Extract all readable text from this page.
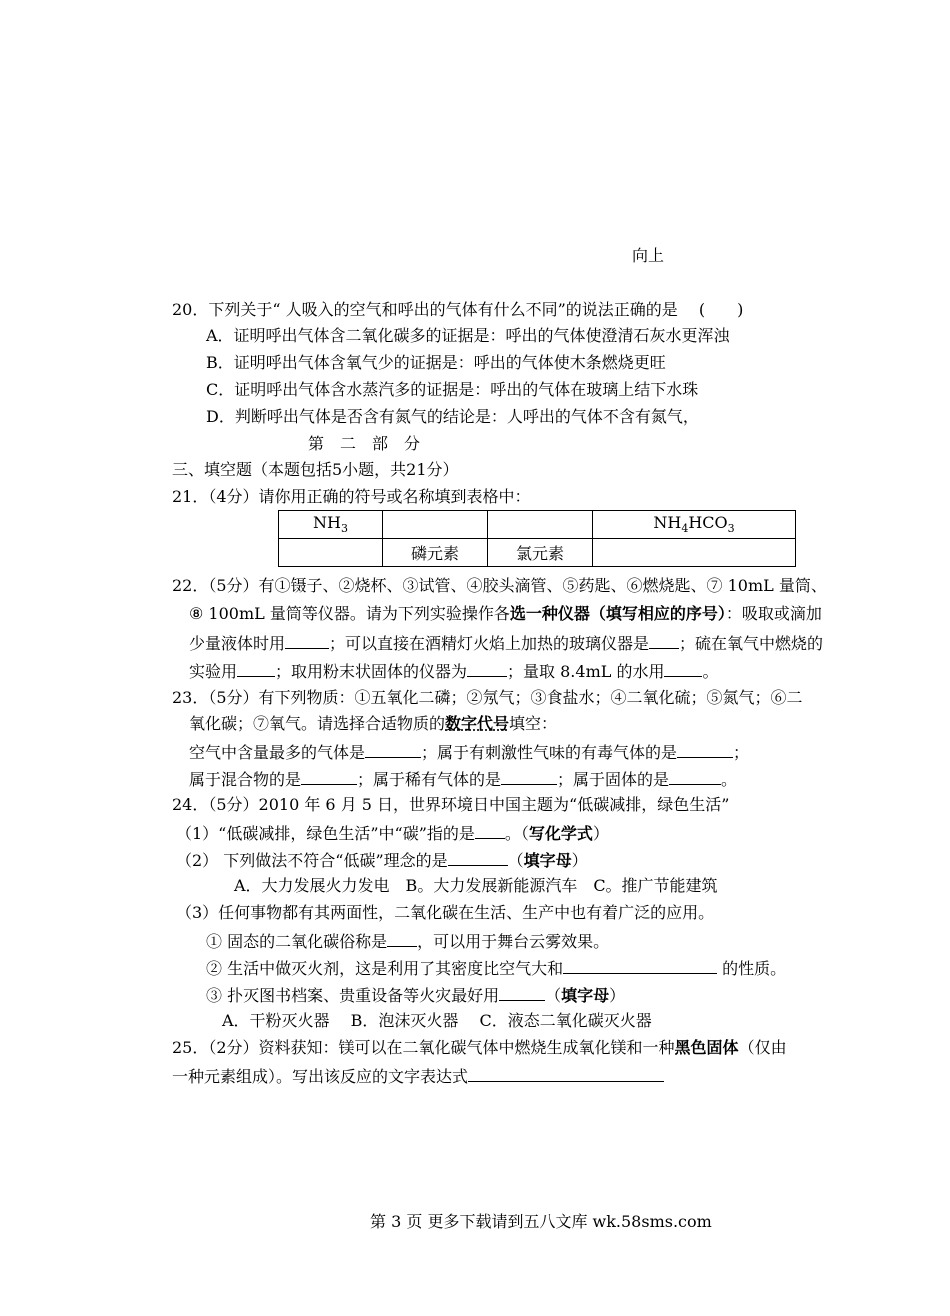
向上
20．下列关于“ 人吸入的空气和呼出的气体有什么不同”的说法正确的是　 (　　)
A．证明呼出气体含二氧化碳多的证据是：呼出的气体使澄清石灰水更浑浊
B．证明呼出气体含氧气少的证据是：呼出的气体使木条燃烧更旺
C．证明呼出气体含水蒸汽多的证据是：呼出的气体在玻璃上结下水珠
D．判断呼出气体是否含有氮气的结论是：人呼出的气体不含有氮气，
第　二　部　分
三、填空题（本题包括5小题，共21分）
21．（4分）请你用正确的符号或名称填到表格中：
$NH_3$			$NH_4HCO_3$
	磷元素	氯元素	
22．（5分）有①镊子、②烧杯、③试管、④胶头滴管、⑤药匙、⑥燃烧匙、⑦ 10mL 量筒、
⑧ 100mL 量筒等仪器。请为下列实验操作各选一种仪器（填写相应的序号）：吸取或滴加
少量液体时用	；可以直接在酒精灯火焰上加热的玻璃仪器是 ；硫在氧气中燃烧的
实验用 ；取用粉末状固体的仪器为	；量取 8.4mL 的水用 。
23．（5分）有下列物质：①五氧化二磷；②氖气；③食盐水；④二氧化硫；⑤氮气；⑥二
氧化碳；⑦氧气。请选择合适物质的数字代号填空：
空气中含量最多的气体是	；属于有刺激性气味的有毒气体的是	；
属于混合物的是	；属于稀有气体的是	；属于固体的是	。
24．（5分）2010 年 6 月 5 日，世界环境日中国主题为“低碳减排，绿色生活”
（1）“低碳减排，绿色生活”中“碳”指的是 。（写化学式）
（2） 下列做法不符合“低碳”理念的是	（填字母）
A．大力发展火力发电　B。大力发展新能源汽车　C。推广节能建筑
（3）任何事物都有其两面性，二氧化碳在生活、生产中也有着广泛的应用。
① 固态的二氧化碳俗称是 ，可以用于舞台云雾效果。
② 生活中做灭火剂，这是利用了其密度比空气大和	的性质。
③ 扑灭图书档案、贵重设备等火灾最好用	（填字母）
A．干粉灭火器　 B．泡沫灭火器　 C．液态二氧化碳灭火器
25．（2分）资料获知：镁可以在二氧化碳气体中燃烧生成氧化镁和一种黑色固体（仅由
一种元素组成）。写出该反应的文字表达式
第 3 页 更多下载请到五八文库 wk.58sms.com
